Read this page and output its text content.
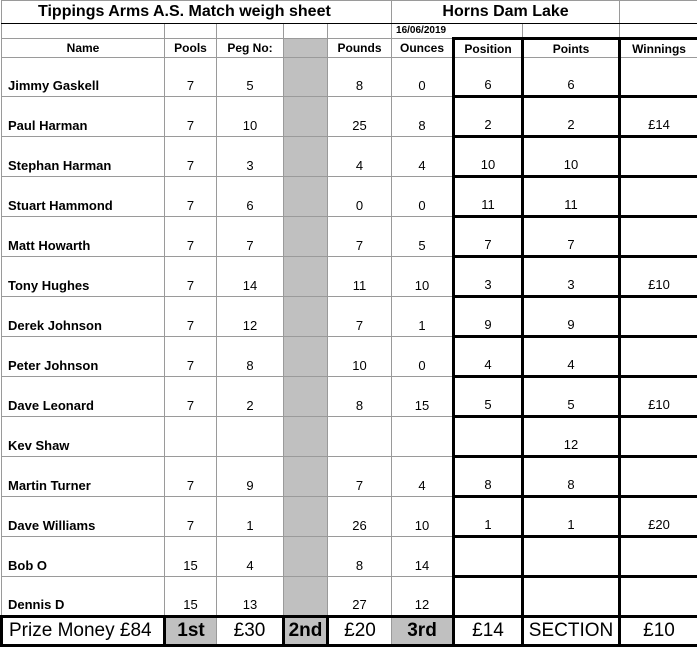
Tippings Arms A.S. Match weigh sheet					Horns Dam Lake			
					16/06/2019			
Name	Pools	Peg No:		Pounds	Ounces	Position	Points	Winnings
Jimmy Gaskell	7	5		8	0	6	6	
Paul Harman	7	10		25	8	2	2	£14
Stephan Harman	7	3		4	4	10	10	
Stuart Hammond	7	6		0	0	11	11	
Matt Howarth	7	7		7	5	7	7	
Tony Hughes	7	14		11	10	3	3	£10
Derek Johnson	7	12		7	1	9	9	
Peter Johnson	7	8		10	0	4	4	
Dave Leonard	7	2		8	15	5	5	£10
Kev Shaw							12	
Martin Turner	7	9		7	4	8	8	
Dave Williams	7	1		26	10	1	1	£20
Bob O	15	4		8	14			
Dennis D	15	13		27	12			
Prize Money £84	1st	£30	2nd	£20	3rd	£14	SECTION	£10
